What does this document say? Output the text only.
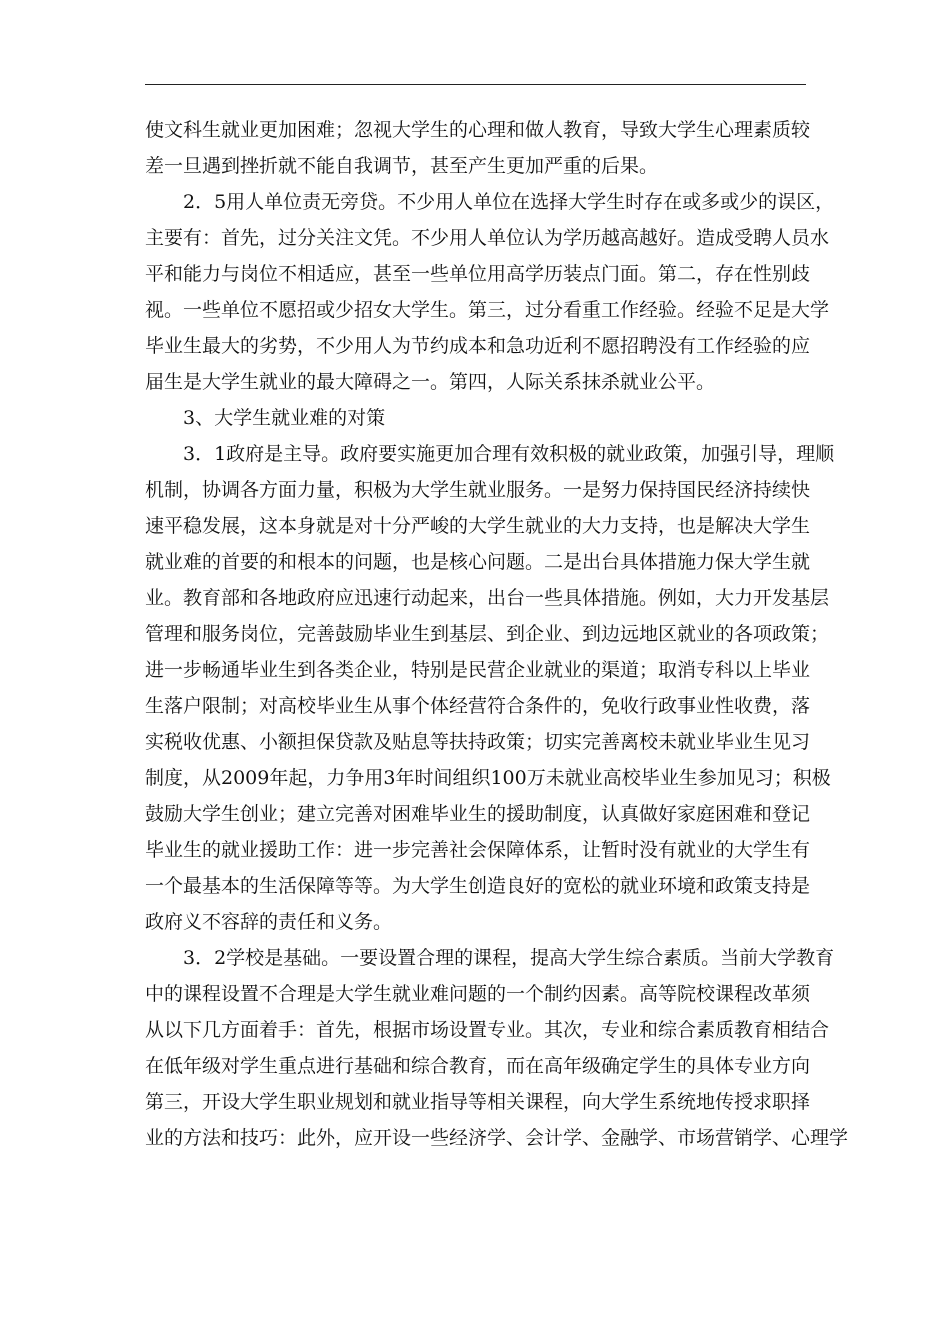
使文科生就业更加困难；忽视大学生的心理和做人教育，导致大学生心理素质较
差一旦遇到挫折就不能自我调节，甚至产生更加严重的后果。
2．5用人单位责无旁贷。不少用人单位在选择大学生时存在或多或少的误区，
主要有：首先，过分关注文凭。不少用人单位认为学历越高越好。造成受聘人员水
平和能力与岗位不相适应，甚至一些单位用高学历装点门面。第二，存在性别歧
视。一些单位不愿招或少招女大学生。第三，过分看重工作经验。经验不足是大学
毕业生最大的劣势，不少用人为节约成本和急功近利不愿招聘没有工作经验的应
届生是大学生就业的最大障碍之一。第四，人际关系抹杀就业公平。
3、大学生就业难的对策
3．1政府是主导。政府要实施更加合理有效积极的就业政策，加强引导，理顺
机制，协调各方面力量，积极为大学生就业服务。一是努力保持国民经济持续快
速平稳发展，这本身就是对十分严峻的大学生就业的大力支持，也是解决大学生
就业难的首要的和根本的问题，也是核心问题。二是出台具体措施力保大学生就
业。教育部和各地政府应迅速行动起来，出台一些具体措施。例如，大力开发基层
管理和服务岗位，完善鼓励毕业生到基层、到企业、到边远地区就业的各项政策；
进一步畅通毕业生到各类企业，特别是民营企业就业的渠道；取消专科以上毕业
生落户限制；对高校毕业生从事个体经营符合条件的，免收行政事业性收费，落
实税收优惠、小额担保贷款及贴息等扶持政策；切实完善离校未就业毕业生见习
制度，从2009年起，力争用3年时间组织100万未就业高校毕业生参加见习；积极
鼓励大学生创业；建立完善对困难毕业生的援助制度，认真做好家庭困难和登记
毕业生的就业援助工作：进一步完善社会保障体系，让暂时没有就业的大学生有
一个最基本的生活保障等等。为大学生创造良好的宽松的就业环境和政策支持是
政府义不容辞的责任和义务。
3．2学校是基础。一要设置合理的课程，提高大学生综合素质。当前大学教育
中的课程设置不合理是大学生就业难问题的一个制约因素。高等院校课程改革须
从以下几方面着手：首先，根据市场设置专业。其次，专业和综合素质教育相结合
在低年级对学生重点进行基础和综合教育，而在高年级确定学生的具体专业方向
第三，开设大学生职业规划和就业指导等相关课程，向大学生系统地传授求职择
业的方法和技巧：此外，应开设一些经济学、会计学、金融学、市场营销学、心理学
